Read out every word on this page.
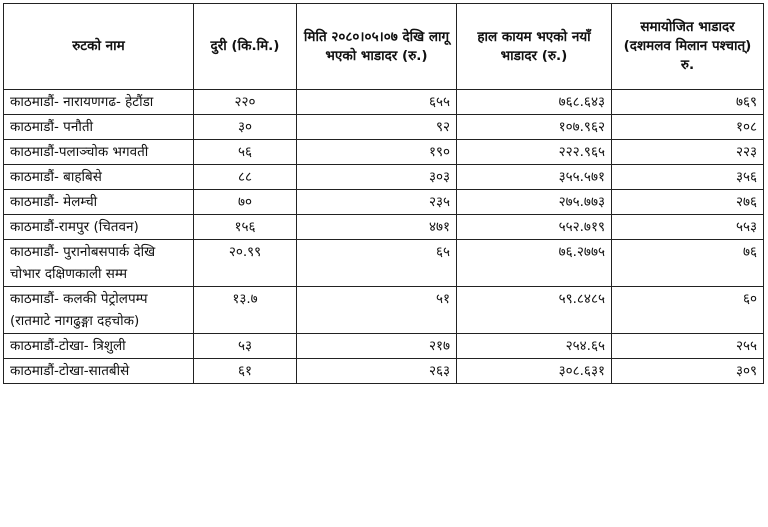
रुटको नाम	दुरी (कि.मि.)	मिति २०८०।०५।०७ देखि लागू भएको भाडादर (रु.)	हाल कायम भएको नयाँ भाडादर (रु.)	समायोजित भाडादर (दशमलव मिलान पश्चात्) रु.
काठमाडौं- नारायणगढ- हेटौंडा	२२०	६५५	७६८.६४३	७६९
काठमाडौं- पनौती	३०	९२	१०७.९६२	१०८
काठमाडौं-पलाञ्चोक भगवती	५६	१९०	२२२.९६५	२२३
काठमाडौं- बाहबिसे	८८	३०३	३५५.५७१	३५६
काठमाडौं- मेलम्ची	७०	२३५	२७५.७७३	२७६
काठमाडौं-रामपुर (चितवन)	१५६	४७१	५५२.७१९	५५३
काठमाडौं- पुरानोबसपार्क देखि चोभार दक्षिणकाली सम्म	२०.९९	६५	७६.२७७५	७६
काठमाडौं- कलकी पेट्रोलपम्प (रातमाटे नागढुङ्गा दहचोक)	१३.७	५१	५९.८४८५	६०
काठमाडौं-टोखा- त्रिशुली	५३	२१७	२५४.६५	२५५
काठमाडौं-टोखा-सातबीसे	६१	२६३	३०८.६३१	३०९
